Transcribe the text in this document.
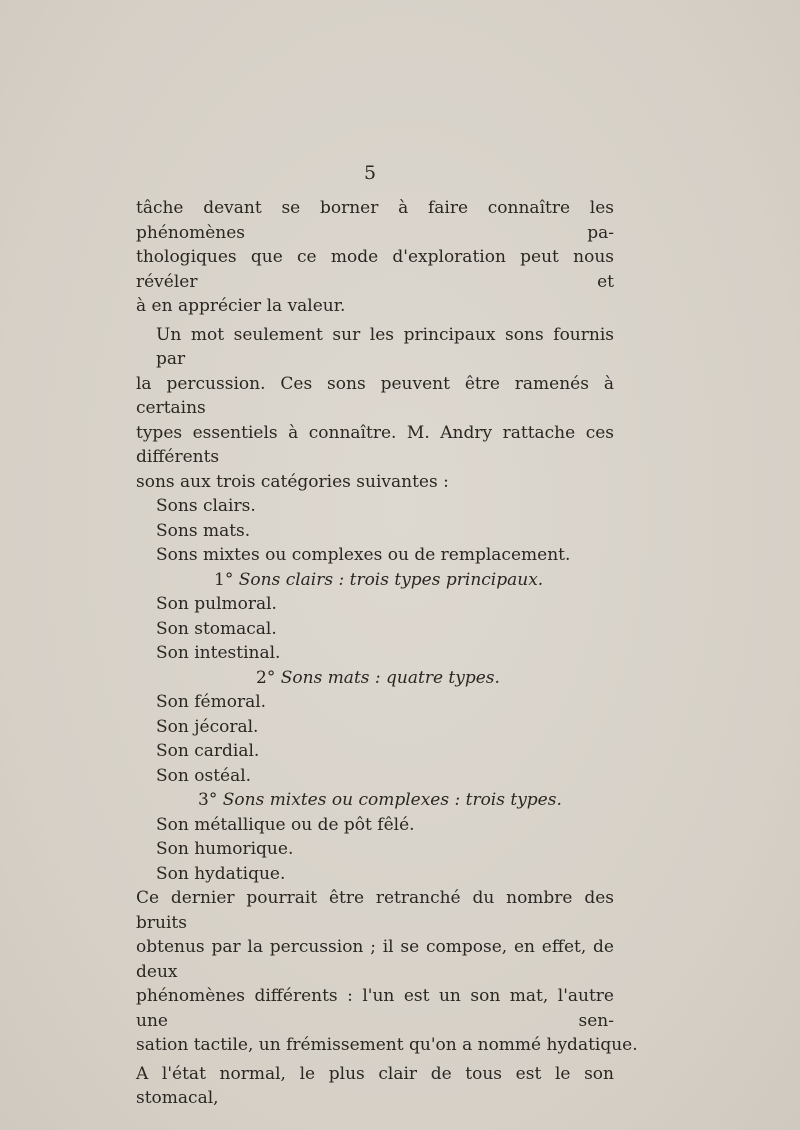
5
tâche devant se borner à faire connaître les phénomènes pa-
thologiques que ce mode d'exploration peut nous révéler et
à en apprécier la valeur.
Un mot seulement sur les principaux sons fournis par
la percussion. Ces sons peuvent être ramenés à certains
types essentiels à connaître. M. Andry rattache ces différents
sons aux trois catégories suivantes :
Sons clairs.
Sons mats.
Sons mixtes ou complexes ou de remplacement.
1° Sons clairs : trois types principaux.
Son pulmoral.
Son stomacal.
Son intestinal.
2° Sons mats : quatre types.
Son fémoral.
Son jécoral.
Son cardial.
Son ostéal.
3° Sons mixtes ou complexes : trois types.
Son métallique ou de pôt fêlé.
Son humorique.
Son hydatique.
Ce dernier pourrait être retranché du nombre des bruits
obtenus par la percussion ; il se compose, en effet, de deux
phénomènes différents : l'un est un son mat, l'autre une sen-
sation tactile, un frémissement qu'on a nommé hydatique.
A l'état normal, le plus clair de tous est le son stomacal,
